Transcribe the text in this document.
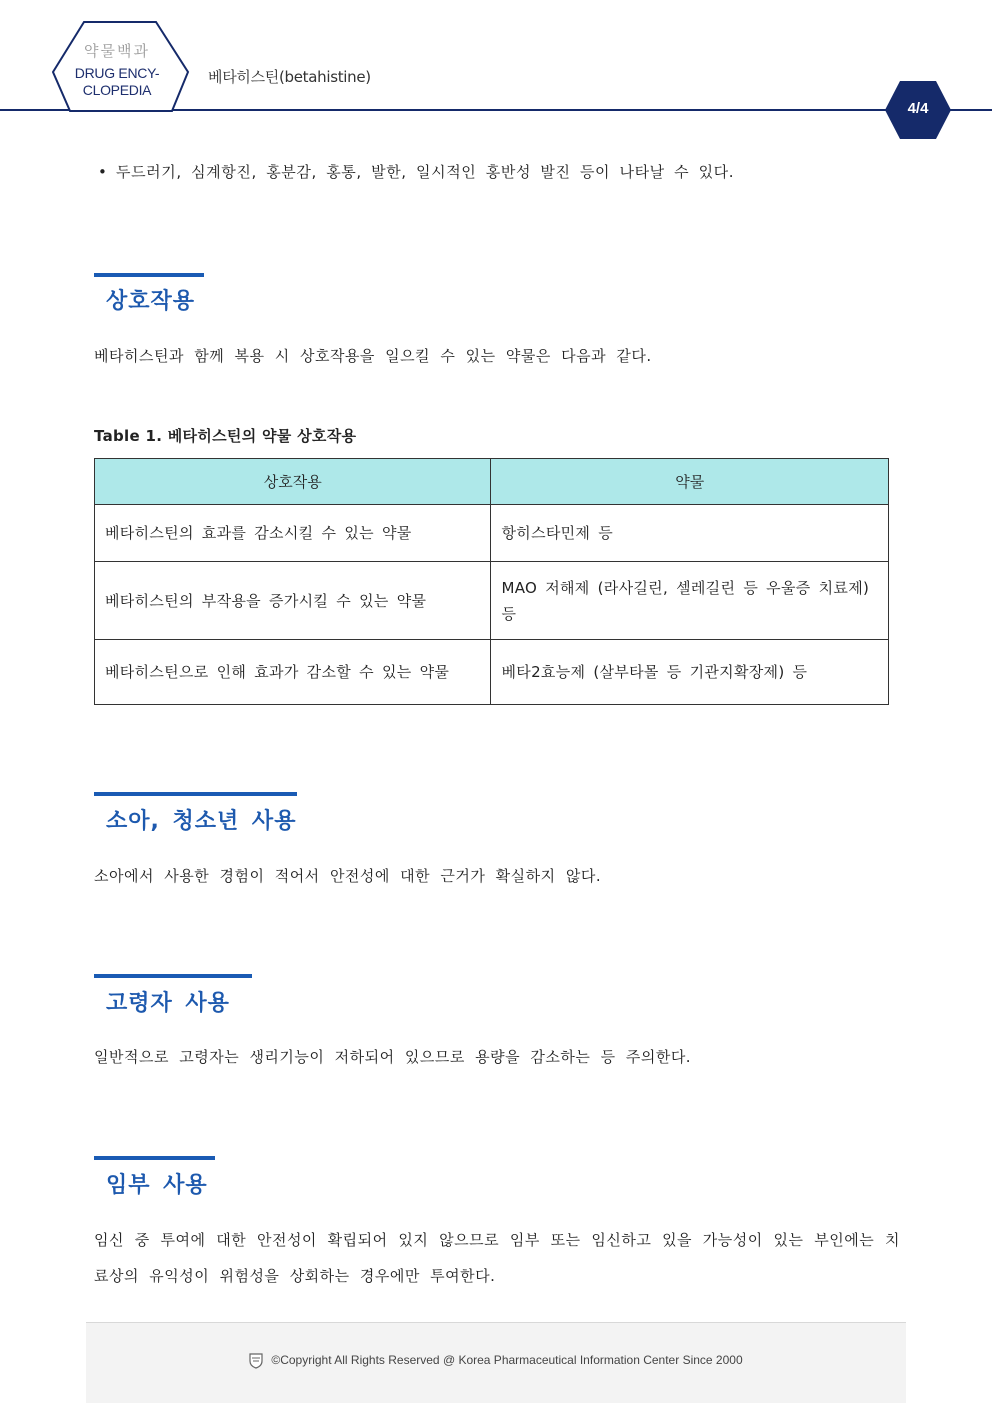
약물백과
DRUG ENCY-
CLOPEDIA
베타히스틴(betahistine)
4/4
• 두드러기, 심계항진, 홍분감, 홍통, 발한, 일시적인 홍반성 발진 등이 나타날 수 있다.
상호작용
베타히스틴과 함께 복용 시 상호작용을 일으킬 수 있는 약물은 다음과 같다.
Table 1. 베타히스틴의 약물 상호작용
상호작용	약물
베타히스틴의 효과를 감소시킬 수 있는 약물	항히스타민제 등
베타히스틴의 부작용을 증가시킬 수 있는 약물	MAO 저해제 (라사길린, 셀레길린 등 우울증 치료제) 등
베타히스틴으로 인해 효과가 감소할 수 있는 약물	베타2효능제 (살부타몰 등 기관지확장제) 등
소아, 청소년 사용
소아에서 사용한 경험이 적어서 안전성에 대한 근거가 확실하지 않다.
고령자 사용
일반적으로 고령자는 생리기능이 저하되어 있으므로 용량을 감소하는 등 주의한다.
임부 사용
임신 중 투여에 대한 안전성이 확립되어 있지 않으므로 임부 또는 임신하고 있을 가능성이 있는 부인에는 치료상의 유익성이 위험성을 상회하는 경우에만 투여한다.
©Copyright All Rights Reserved @ Korea Pharmaceutical Information Center Since 2000
